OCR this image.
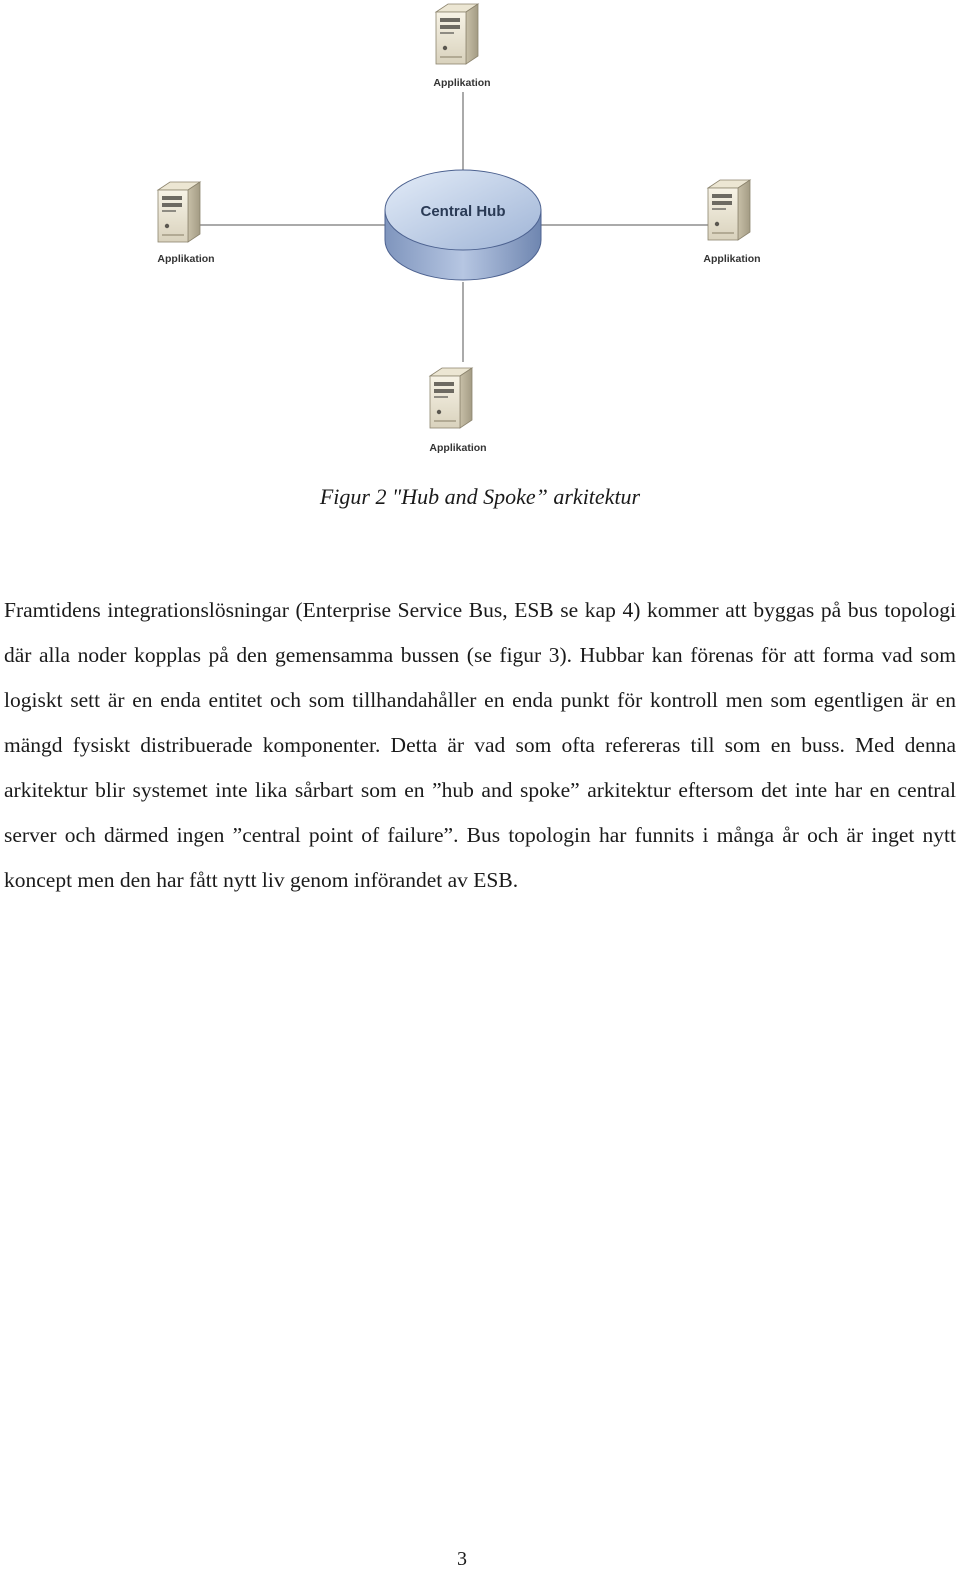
Central Hub
Applikation
Applikation	Applikation
Applikation
Figur 2 "Hub and Spoke” arkitektur

Framtidens integrationslösningar (Enterprise Service Bus, ESB se kap 4) kommer att byggas på bus topologi där alla noder kopplas på den gemensamma bussen (se figur 3). Hubbar kan förenas för att forma vad som logiskt sett är en enda entitet och som tillhandahåller en enda punkt för kontroll men som egentligen är en mängd fysiskt distribuerade komponenter. Detta är vad som ofta refereras till som en buss. Med denna arkitektur blir systemet inte lika sårbart som en ”hub and spoke” arkitektur eftersom det inte har en central server och därmed ingen ”central point of failure”. Bus topologin har funnits i många år och är inget nytt koncept men den har fått nytt liv genom införandet av ESB.

3
